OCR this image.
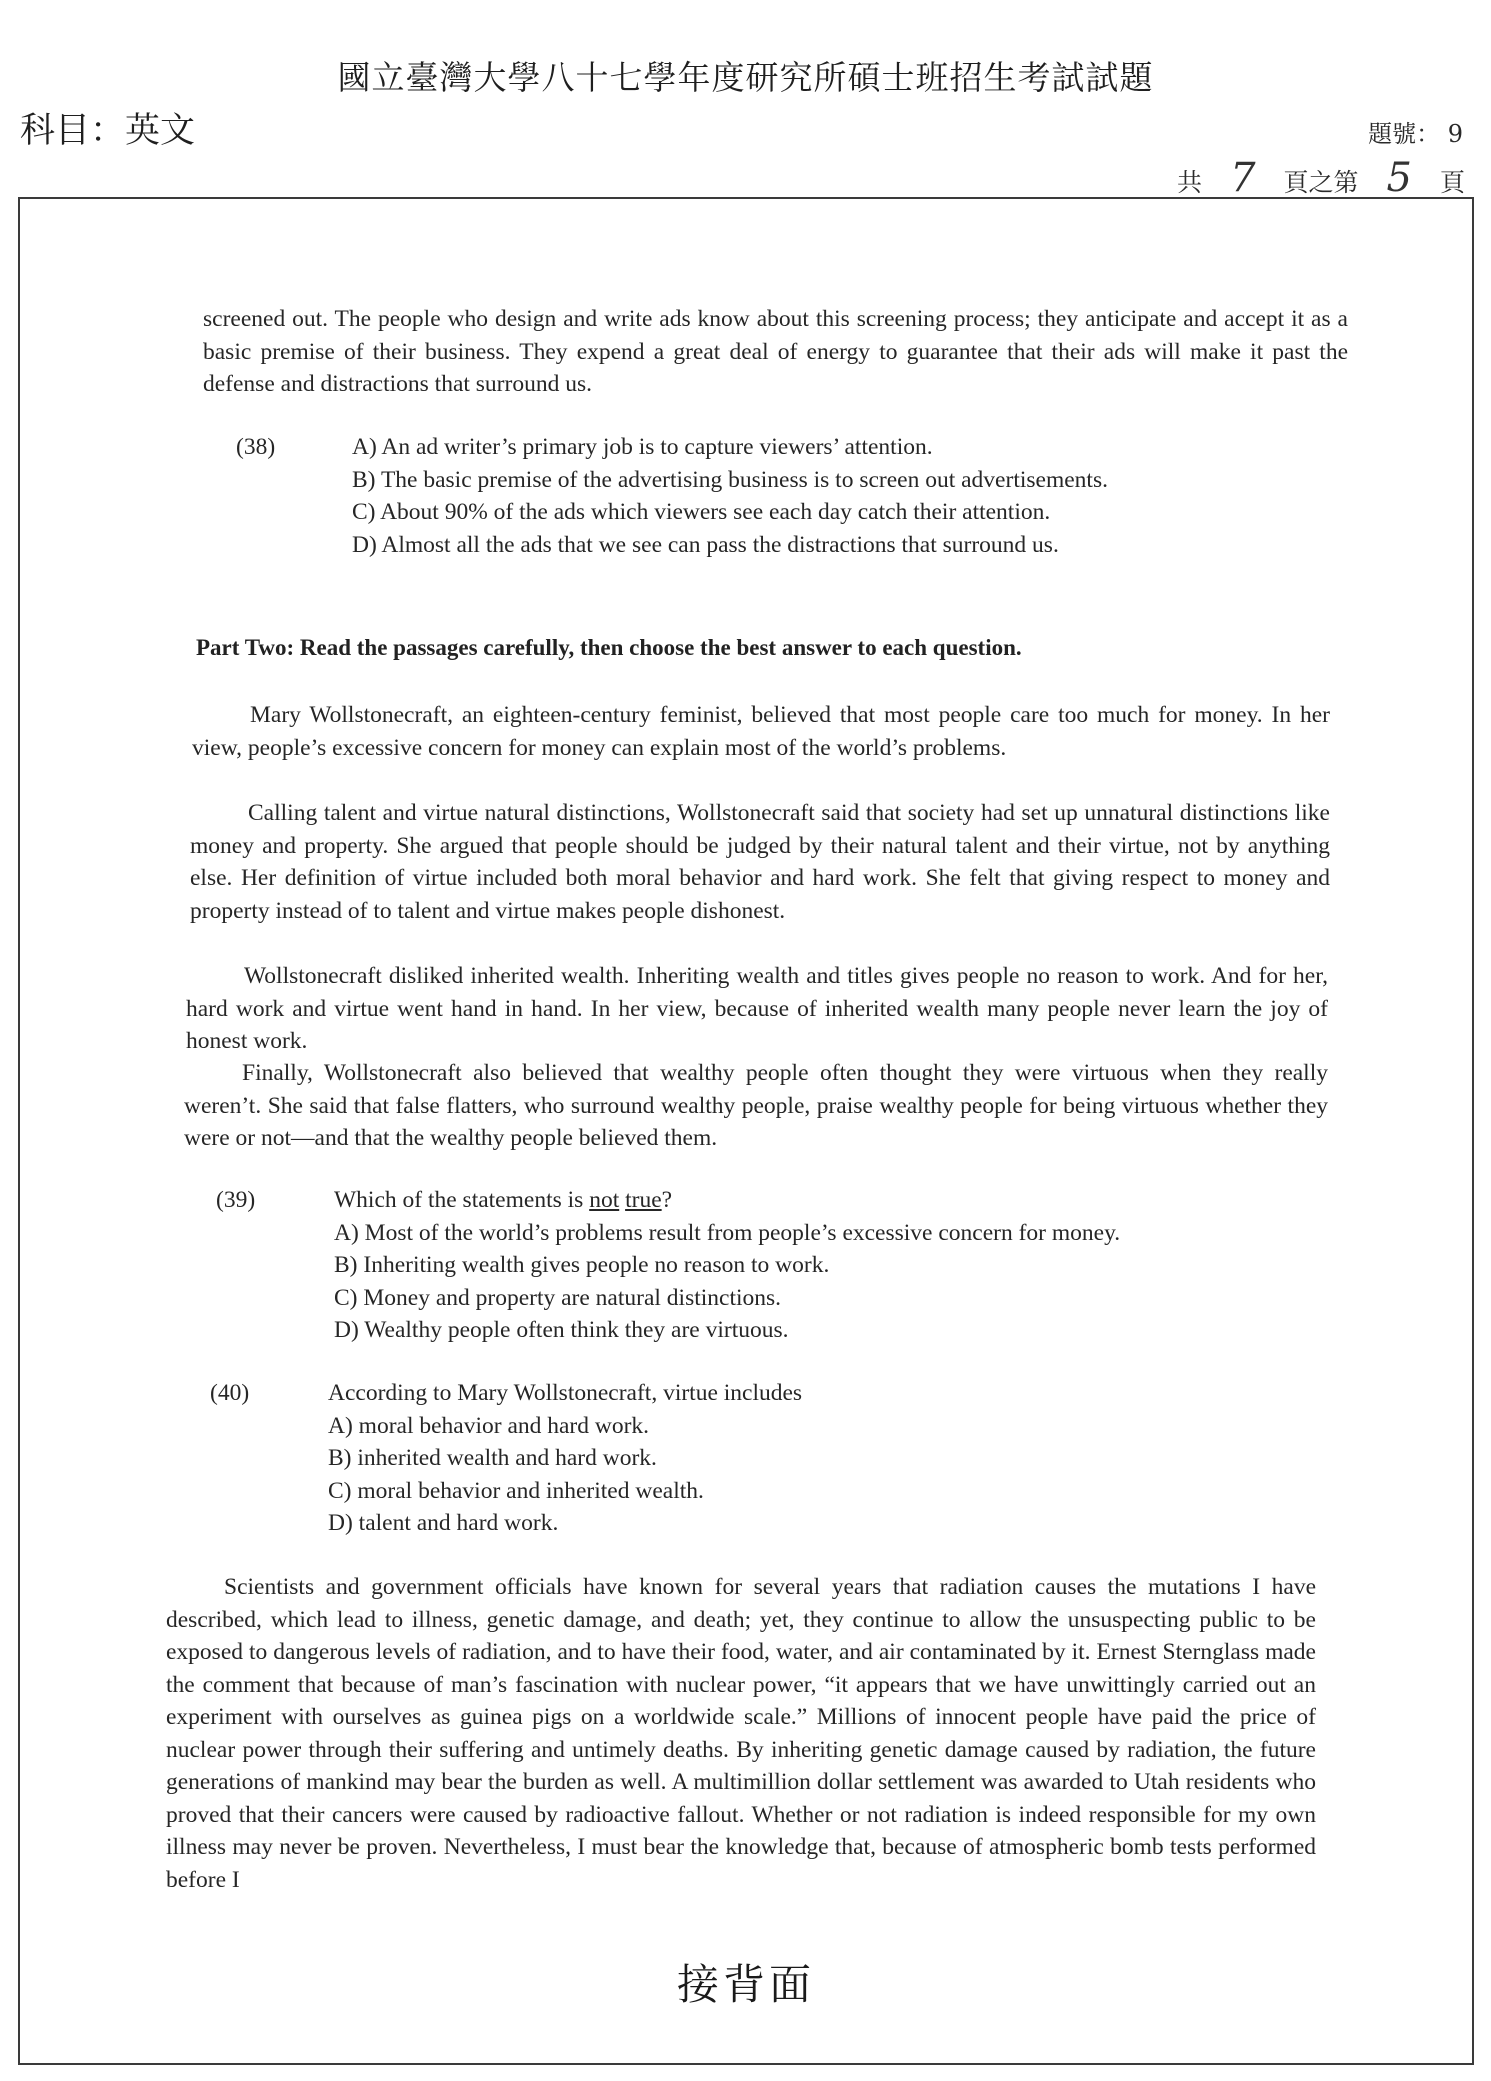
國立臺灣大學八十七學年度研究所碩士班招生考試試題
科目：英文	題號： 9
共 7 頁之第 5 頁

screened out. The people who design and write ads know about this screening process; they anticipate and accept it as a basic premise of their business. They expend a great deal of energy to guarantee that their ads will make it past the defense and distractions that surround us.

(38)	A) An ad writer’s primary job is to capture viewers’ attention.
B) The basic premise of the advertising business is to screen out advertisements.
C) About 90% of the ads which viewers see each day catch their attention.
D) Almost all the ads that we see can pass the distractions that surround us.
Part Two: Read the passages carefully, then choose the best answer to each question.

Mary Wollstonecraft, an eighteen-century feminist, believed that most people care too much for money. In her view, people’s excessive concern for money can explain most of the world’s problems.

Calling talent and virtue natural distinctions, Wollstonecraft said that society had set up unnatural distinctions like money and property. She argued that people should be judged by their natural talent and their virtue, not by anything else. Her definition of virtue included both moral behavior and hard work. She felt that giving respect to money and property instead of to talent and virtue makes people dishonest.

Wollstonecraft disliked inherited wealth. Inheriting wealth and titles gives people no reason to work. And for her, hard work and virtue went hand in hand. In her view, because of inherited wealth many people never learn the joy of honest work.

Finally, Wollstonecraft also believed that wealthy people often thought they were virtuous when they really weren’t. She said that false flatters, who surround wealthy people, praise wealthy people for being virtuous whether they were or not—and that the wealthy people believed them.

(39)	Which of the statements is not true?
A) Most of the world’s problems result from people’s excessive concern for money.
B) Inheriting wealth gives people no reason to work.
C) Money and property are natural distinctions.
D) Wealthy people often think they are virtuous.
(40)	According to Mary Wollstonecraft, virtue includes
A) moral behavior and hard work.
B) inherited wealth and hard work.
C) moral behavior and inherited wealth.
D) talent and hard work.

Scientists and government officials have known for several years that radiation causes the mutations I have described, which lead to illness, genetic damage, and death; yet, they continue to allow the unsuspecting public to be exposed to dangerous levels of radiation, and to have their food, water, and air contaminated by it. Ernest Sternglass made the comment that because of man’s fascination with nuclear power, “it appears that we have unwittingly carried out an experiment with ourselves as guinea pigs on a worldwide scale.” Millions of innocent people have paid the price of nuclear power through their suffering and untimely deaths. By inheriting genetic damage caused by radiation, the future generations of mankind may bear the burden as well. A multimillion dollar settlement was awarded to Utah residents who proved that their cancers were caused by radioactive fallout. Whether or not radiation is indeed responsible for my own illness may never be proven. Nevertheless, I must bear the knowledge that, because of atmospheric bomb tests performed before I

接背面
